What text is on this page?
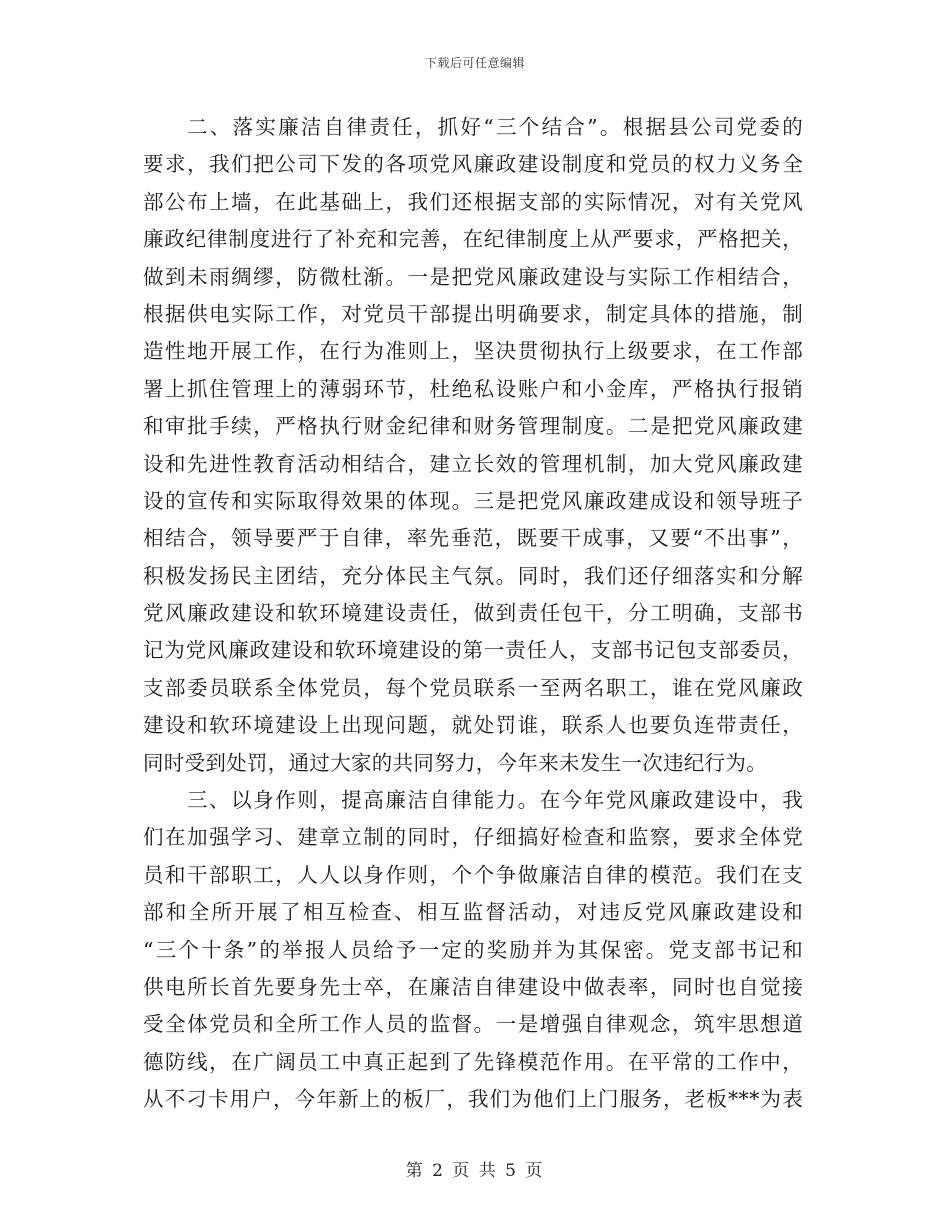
下载后可任意编辑
二、落实廉洁自律责任，抓好“三个结合”。根据县公司党委的
要求，我们把公司下发的各项党风廉政建设制度和党员的权力义务全
部公布上墙，在此基础上，我们还根据支部的实际情况，对有关党风
廉政纪律制度进行了补充和完善，在纪律制度上从严要求，严格把关，
做到未雨绸缪，防微杜渐。一是把党风廉政建设与实际工作相结合，
根据供电实际工作，对党员干部提出明确要求，制定具体的措施，制
造性地开展工作，在行为准则上，坚决贯彻执行上级要求，在工作部
署上抓住管理上的薄弱环节，杜绝私设账户和小金库，严格执行报销
和审批手续，严格执行财金纪律和财务管理制度。二是把党风廉政建
设和先进性教育活动相结合，建立长效的管理机制，加大党风廉政建
设的宣传和实际取得效果的体现。三是把党风廉政建成设和领导班子
相结合，领导要严于自律，率先垂范，既要干成事，又要“不出事”，
积极发扬民主团结，充分体民主气氛。同时，我们还仔细落实和分解
党风廉政建设和软环境建设责任，做到责任包干，分工明确，支部书
记为党风廉政建设和软环境建设的第一责任人，支部书记包支部委员，
支部委员联系全体党员，每个党员联系一至两名职工，谁在党风廉政
建设和软环境建设上出现问题，就处罚谁，联系人也要负连带责任，
同时受到处罚，通过大家的共同努力，今年来未发生一次违纪行为。
三、以身作则，提高廉洁自律能力。在今年党风廉政建设中，我
们在加强学习、建章立制的同时，仔细搞好检查和监察，要求全体党
员和干部职工，人人以身作则，个个争做廉洁自律的模范。我们在支
部和全所开展了相互检查、相互监督活动，对违反党风廉政建设和
“三个十条”的举报人员给予一定的奖励并为其保密。党支部书记和
供电所长首先要身先士卒，在廉洁自律建设中做表率，同时也自觉接
受全体党员和全所工作人员的监督。一是增强自律观念，筑牢思想道
德防线，在广阔员工中真正起到了先锋模范作用。在平常的工作中，
从不刁卡用户，今年新上的板厂，我们为他们上门服务，老板***为表
第 2 页 共 5 页
